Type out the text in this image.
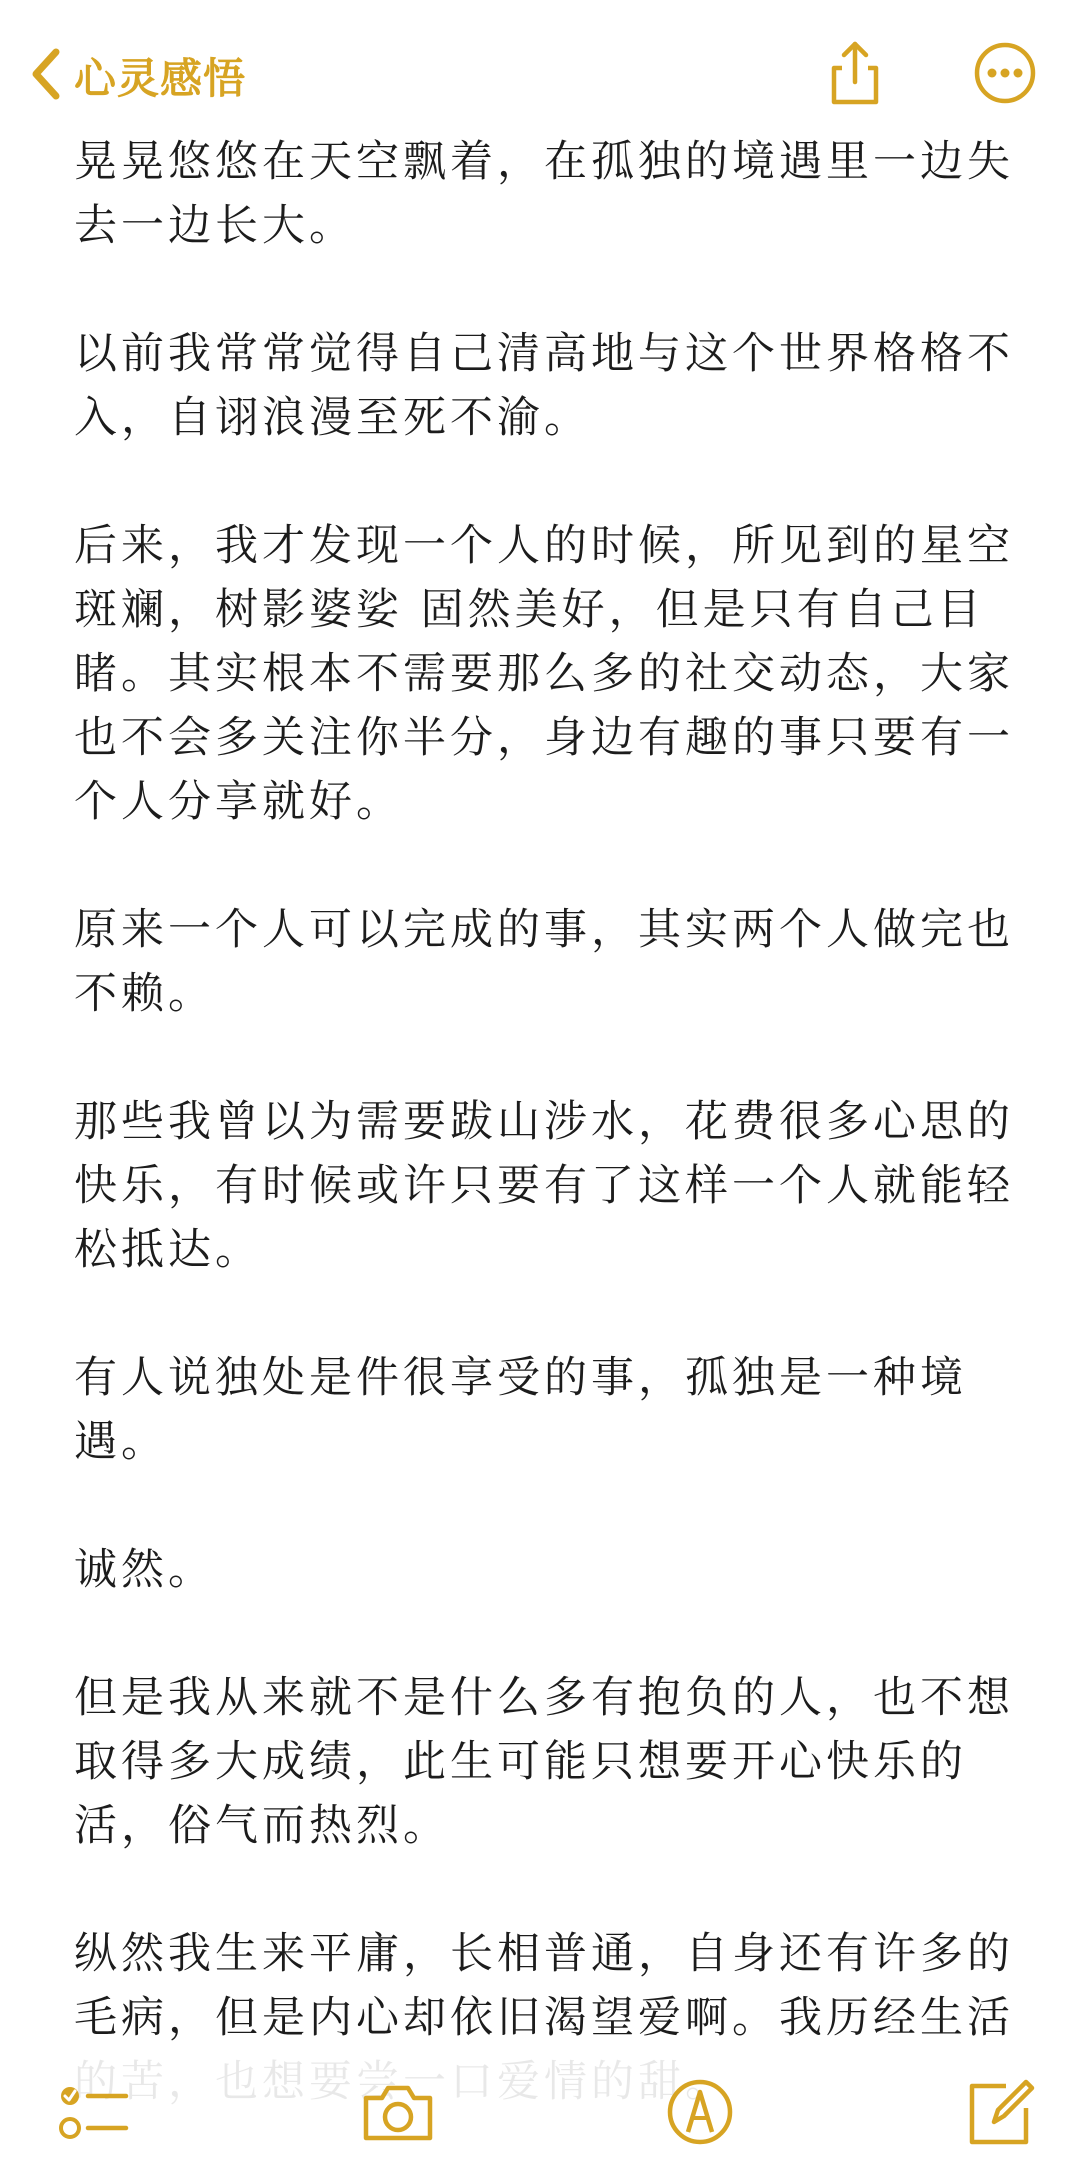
心灵感悟

晃晃悠悠在天空飘着，在孤独的境遇里一边失
去一边长大。

以前我常常觉得自己清高地与这个世界格格不
入，自诩浪漫至死不渝。

后来，我才发现一个人的时候，所见到的星空
斑斓，树影婆娑 固然美好，但是只有自己目
睹。其实根本不需要那么多的社交动态，大家
也不会多关注你半分，身边有趣的事只要有一
个人分享就好。

原来一个人可以完成的事，其实两个人做完也
不赖。

那些我曾以为需要跋山涉水，花费很多心思的
快乐，有时候或许只要有了这样一个人就能轻
松抵达。

有人说独处是件很享受的事，孤独是一种境遇。

诚然。

但是我从来就不是什么多有抱负的人，也不想
取得多大成绩，此生可能只想要开心快乐的
活，俗气而热烈。

纵然我生来平庸，长相普通，自身还有许多的
毛病，但是内心却依旧渴望爱啊。我历经生活
